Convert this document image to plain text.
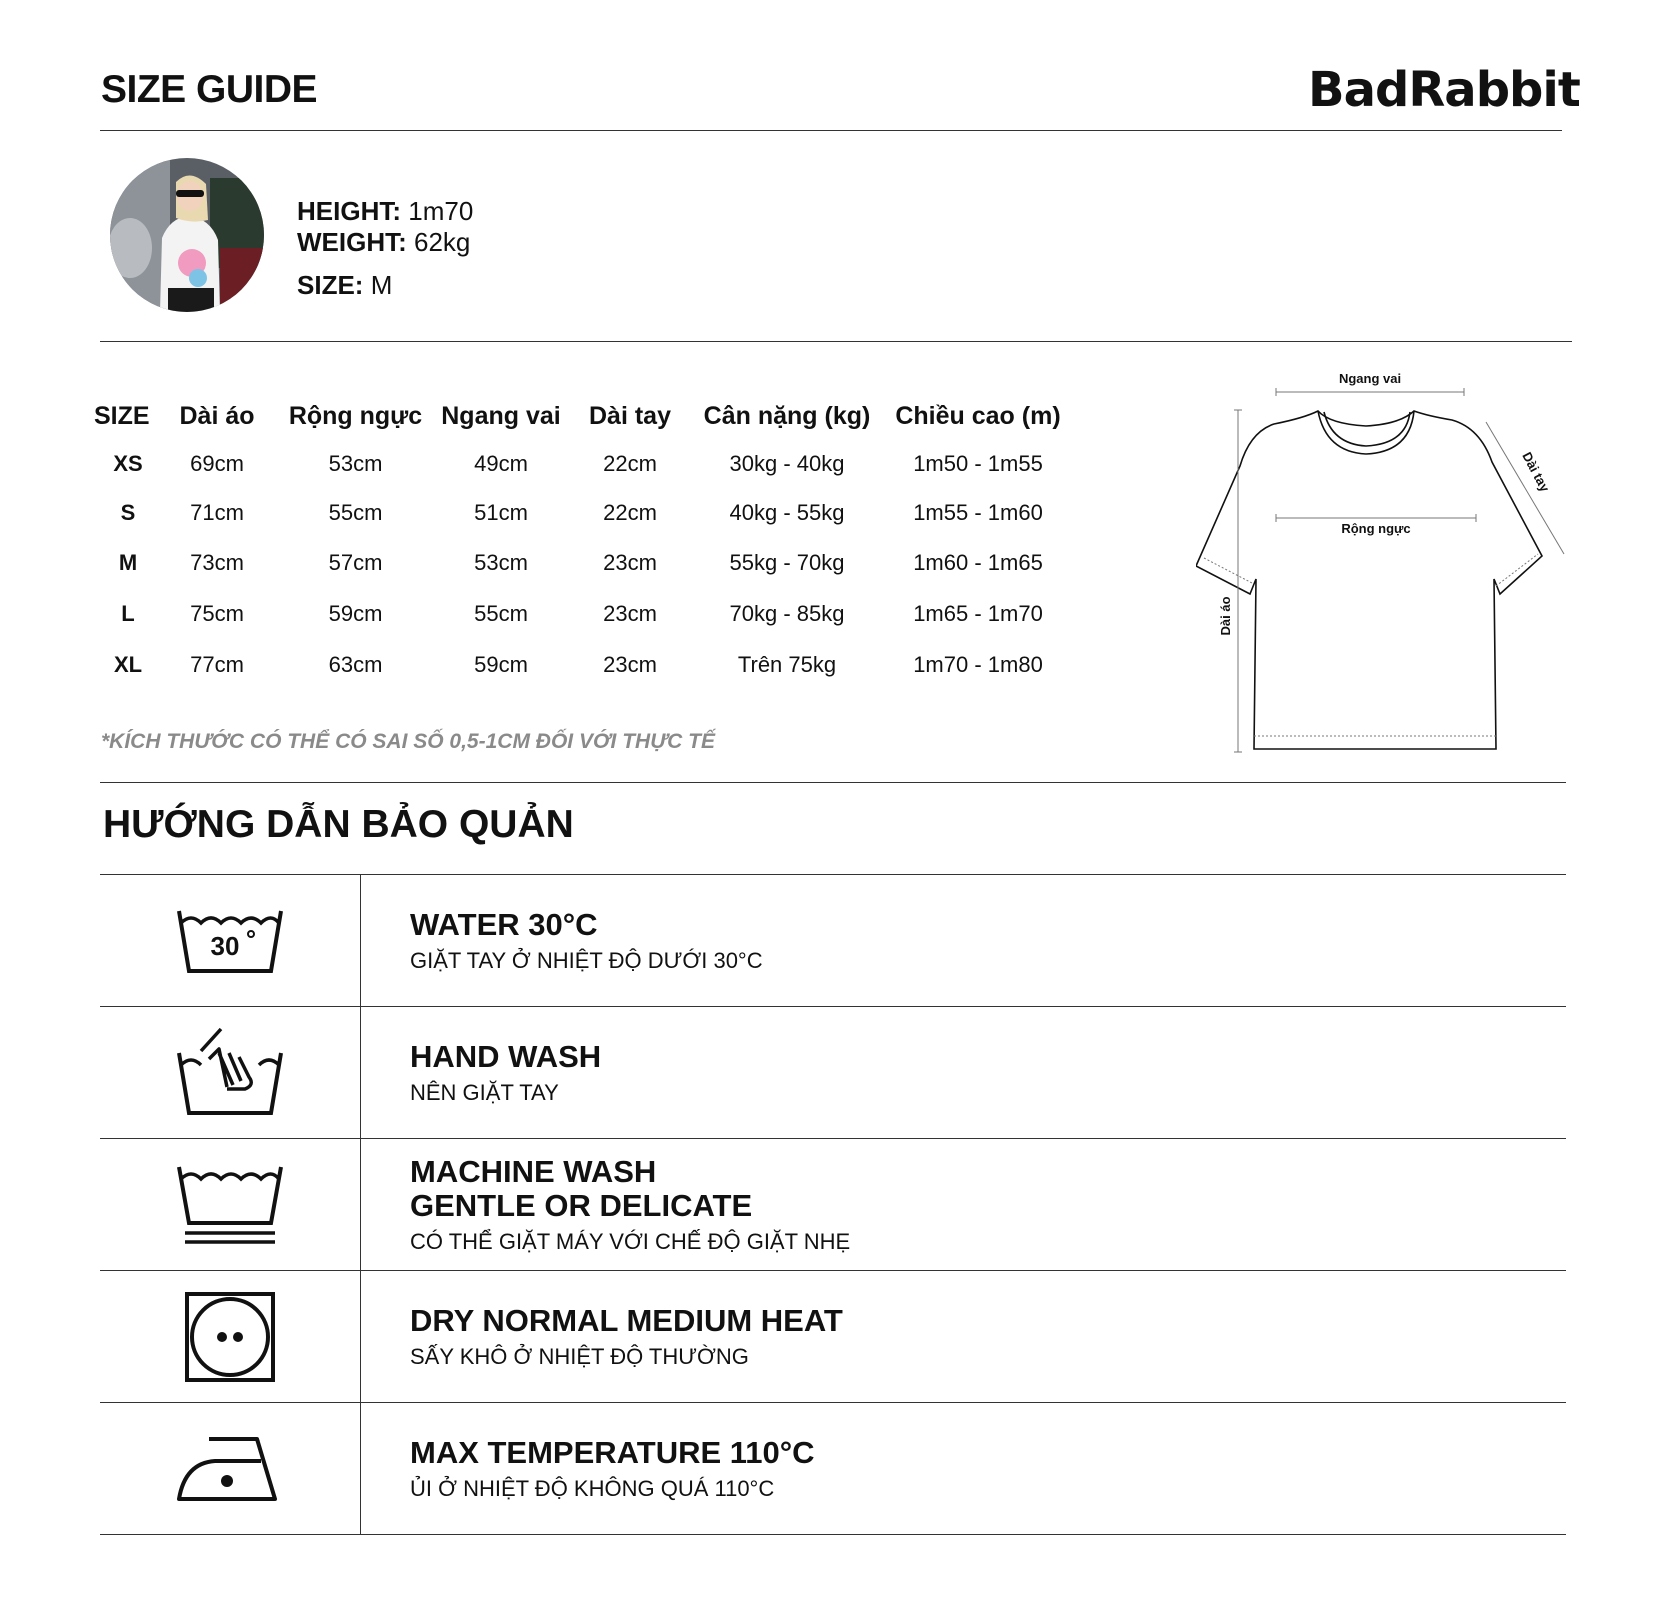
SIZE GUIDE	BadRabbit
HEIGHT: 1m70
WEIGHT: 62kg
SIZE: M
SIZE	Dài áo	Rộng ngực	Ngang vai	Dài tay	Cân nặng (kg)	Chiều cao (m)
XS	69cm	53cm	49cm	22cm	30kg - 40kg	1m50 - 1m55
S	71cm	55cm	51cm	22cm	40kg - 55kg	1m55 - 1m60
M	73cm	57cm	53cm	23cm	55kg - 70kg	1m60 - 1m65
L	75cm	59cm	55cm	23cm	70kg - 85kg	1m65 - 1m70
XL	77cm	63cm	59cm	23cm	Trên 75kg	1m70 - 1m80
Ngang vai
Rộng ngực
Dài tay
Dài áo
*KÍCH THƯỚC CÓ THỂ CÓ SAI SỐ 0,5-1CM ĐỐI VỚI THỰC TẾ
HƯỚNG DẪN BẢO QUẢN
30
WATER 30°C
GIẶT TAY Ở NHIỆT ĐỘ DƯỚI 30°C
HAND WASH
NÊN GIẶT TAY
MACHINE WASH
GENTLE OR DELICATE
CÓ THỂ GIẶT MÁY VỚI CHẾ ĐỘ GIẶT NHẸ
DRY NORMAL MEDIUM HEAT
SẤY KHÔ Ở NHIỆT ĐỘ THƯỜNG
MAX TEMPERATURE 110°C
ỦI Ở NHIỆT ĐỘ KHÔNG QUÁ 110°C
